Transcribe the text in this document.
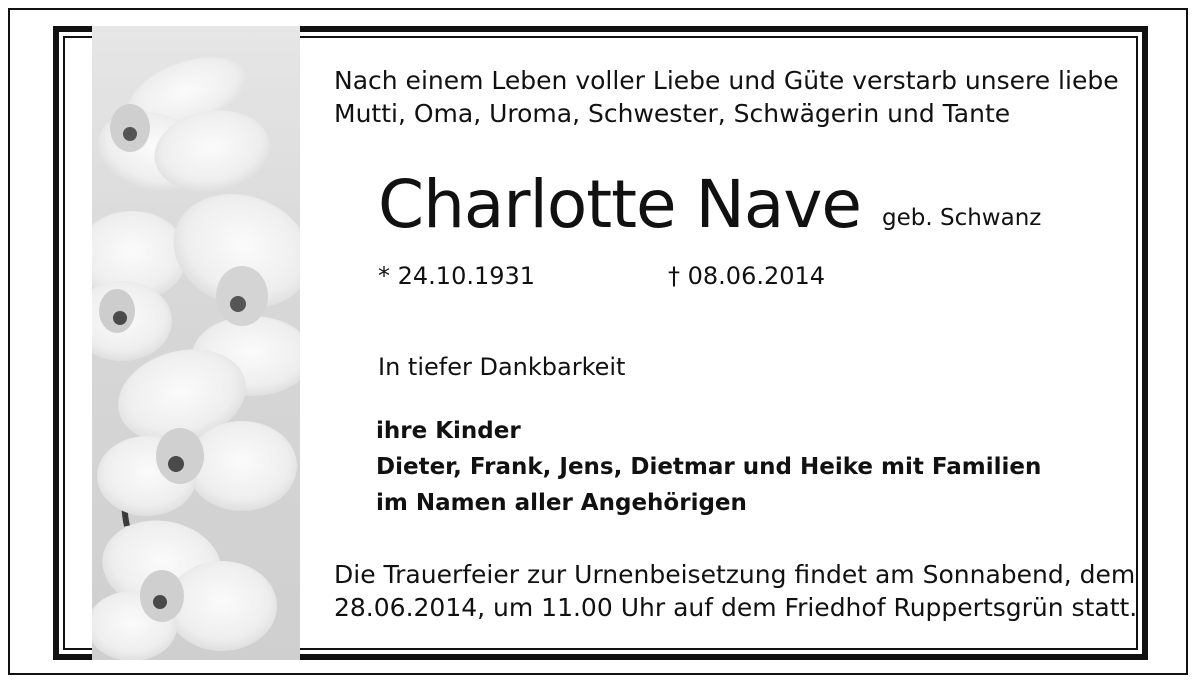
Nach einem Leben voller Liebe und Güte verstarb unsere liebe
Mutti, Oma, Uroma, Schwester, Schwägerin und Tante
Charlotte Nave geb. Schwanz
* 24.10.1931	† 08.06.2014
In tiefer Dankbarkeit
ihre Kinder
Dieter, Frank, Jens, Dietmar und Heike mit Familien
im Namen aller Angehörigen
Die Trauerfeier zur Urnenbeisetzung findet am Sonnabend, dem
28.06.2014, um 11.00 Uhr auf dem Friedhof Ruppertsgrün statt.
